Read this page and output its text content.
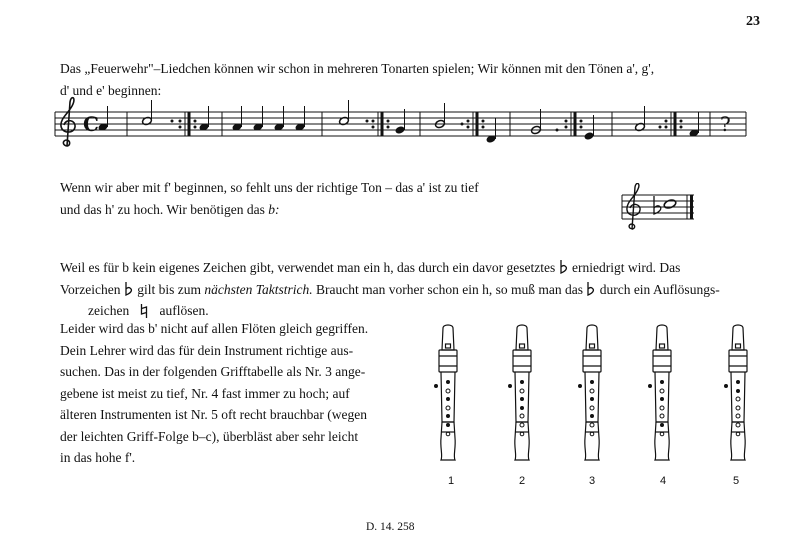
23
Das „Feuerwehr"–Liedchen können wir schon in mehreren Tonarten spielen; Wir können mit den Tönen a', g',
d' und e' beginnen:
C	?
Wenn wir aber mit f' beginnen, so fehlt uns der richtige Ton – das a' ist zu tief
und das h' zu hoch. Wir benötigen das b:
Weil es für b kein eigenes Zeichen gibt, verwendet man ein h, das durch ein davor gesetztes erniedrigt wird. Das
Vorzeichen gilt bis zum nächsten Taktstrich. Braucht man vorher schon ein h, so muß man das durch ein Auflösungs-
zeichen auflösen.
Leider wird das b' nicht auf allen Flöten gleich gegriffen.
Dein Lehrer wird das für dein Instrument richtige aus-
suchen. Das in der folgenden Grifftabelle als Nr. 3 ange-
gebene ist meist zu tief, Nr. 4 fast immer zu hoch; auf
älteren Instrumenten ist Nr. 5 oft recht brauchbar (wegen
der leichten Griff-Folge b–c), überbläst aber sehr leicht
in das hohe f'.
1	2	3	4	5
D. 14. 258
